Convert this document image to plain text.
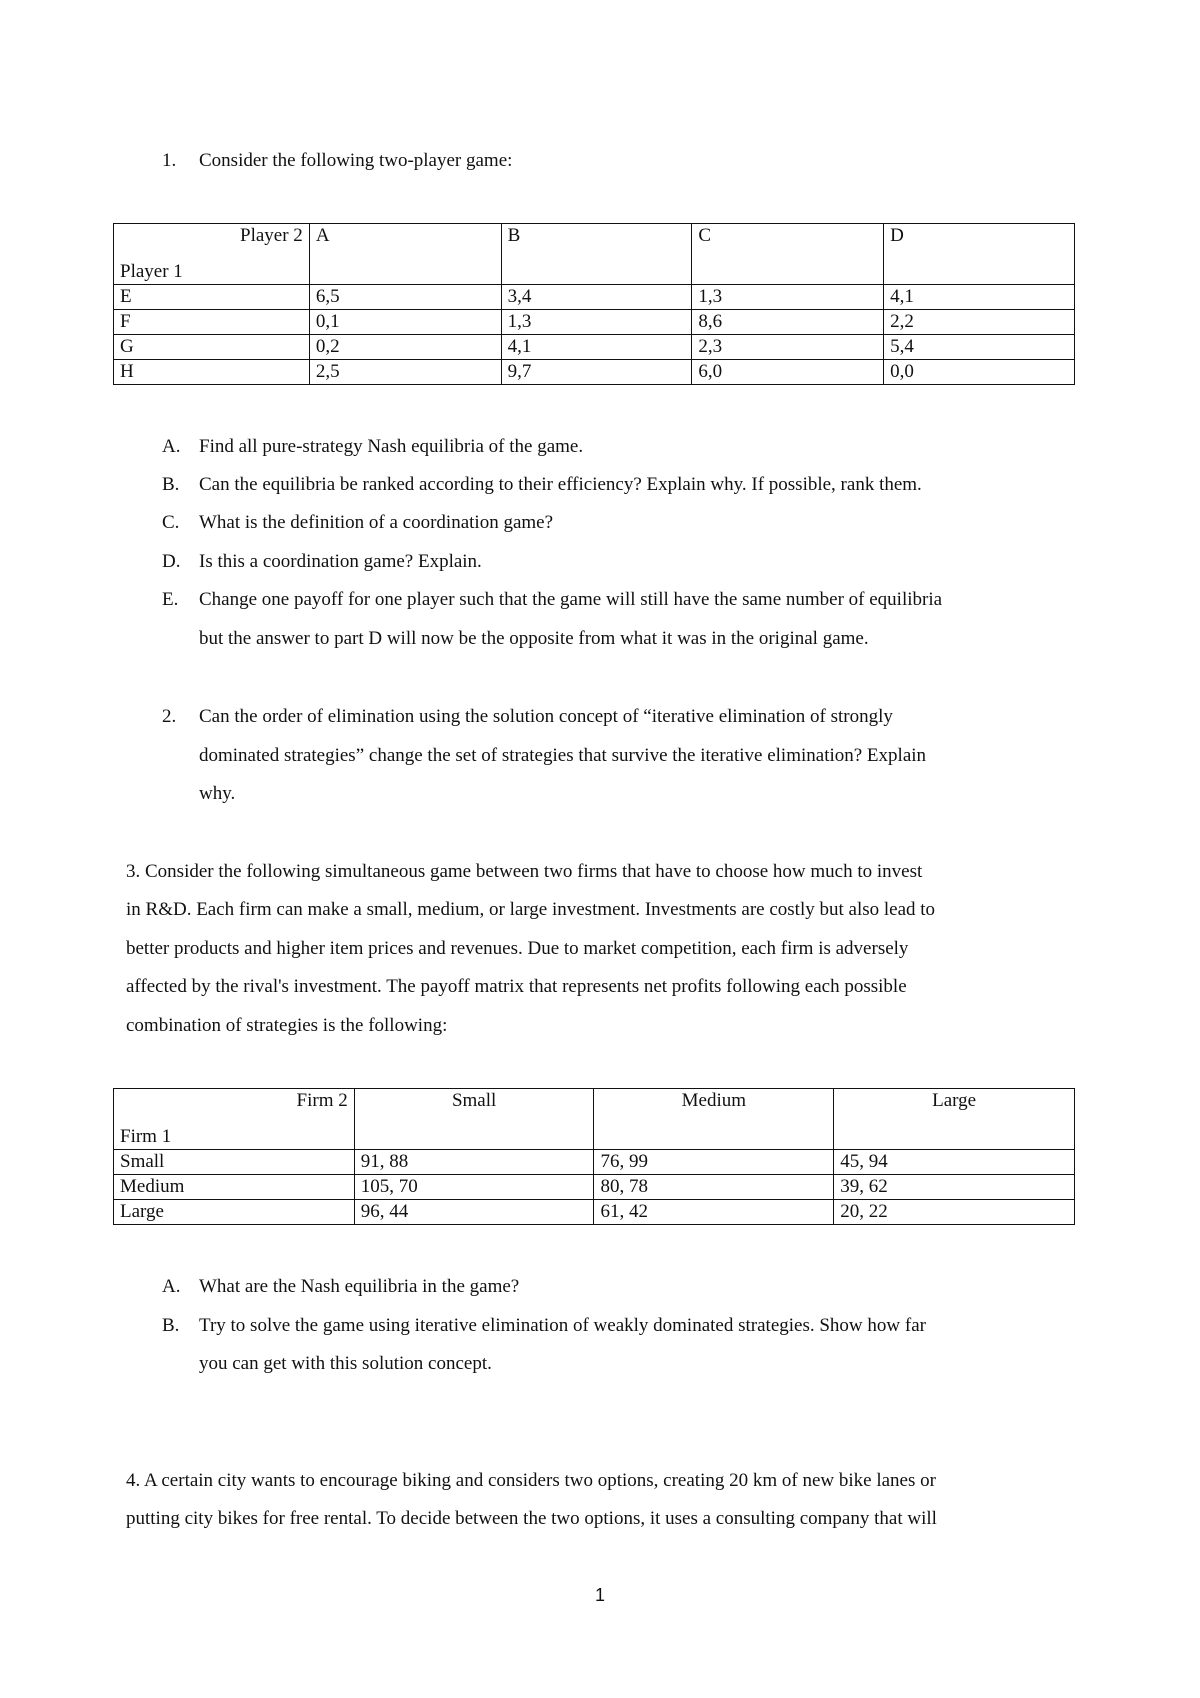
1. Consider the following two-player game:
Player 2
Player 1	A	B	C	D
E	6,5	3,4	1,3	4,1
F	0,1	1,3	8,6	2,2
G	0,2	4,1	2,3	5,4
H	2,5	9,7	6,0	0,0
A. Find all pure-strategy Nash equilibria of the game.
B. Can the equilibria be ranked according to their efficiency? Explain why. If possible, rank them.
C. What is the definition of a coordination game?
D. Is this a coordination game? Explain.
E. Change one payoff for one player such that the game will still have the same number of equilibria
but the answer to part D will now be the opposite from what it was in the original game.
2. Can the order of elimination using the solution concept of “iterative elimination of strongly
dominated strategies” change the set of strategies that survive the iterative elimination? Explain
why.
3. Consider the following simultaneous game between two firms that have to choose how much to invest
in R&D. Each firm can make a small, medium, or large investment. Investments are costly but also lead to
better products and higher item prices and revenues. Due to market competition, each firm is adversely
affected by the rival's investment. The payoff matrix that represents net profits following each possible
combination of strategies is the following:
Firm 2
Firm 1	Small	Medium	Large
Small	91, 88	76, 99	45, 94
Medium	105, 70	80, 78	39, 62
Large	96, 44	61, 42	20, 22
A. What are the Nash equilibria in the game?
B. Try to solve the game using iterative elimination of weakly dominated strategies. Show how far
you can get with this solution concept.
4. A certain city wants to encourage biking and considers two options, creating 20 km of new bike lanes or
putting city bikes for free rental. To decide between the two options, it uses a consulting company that will
1
